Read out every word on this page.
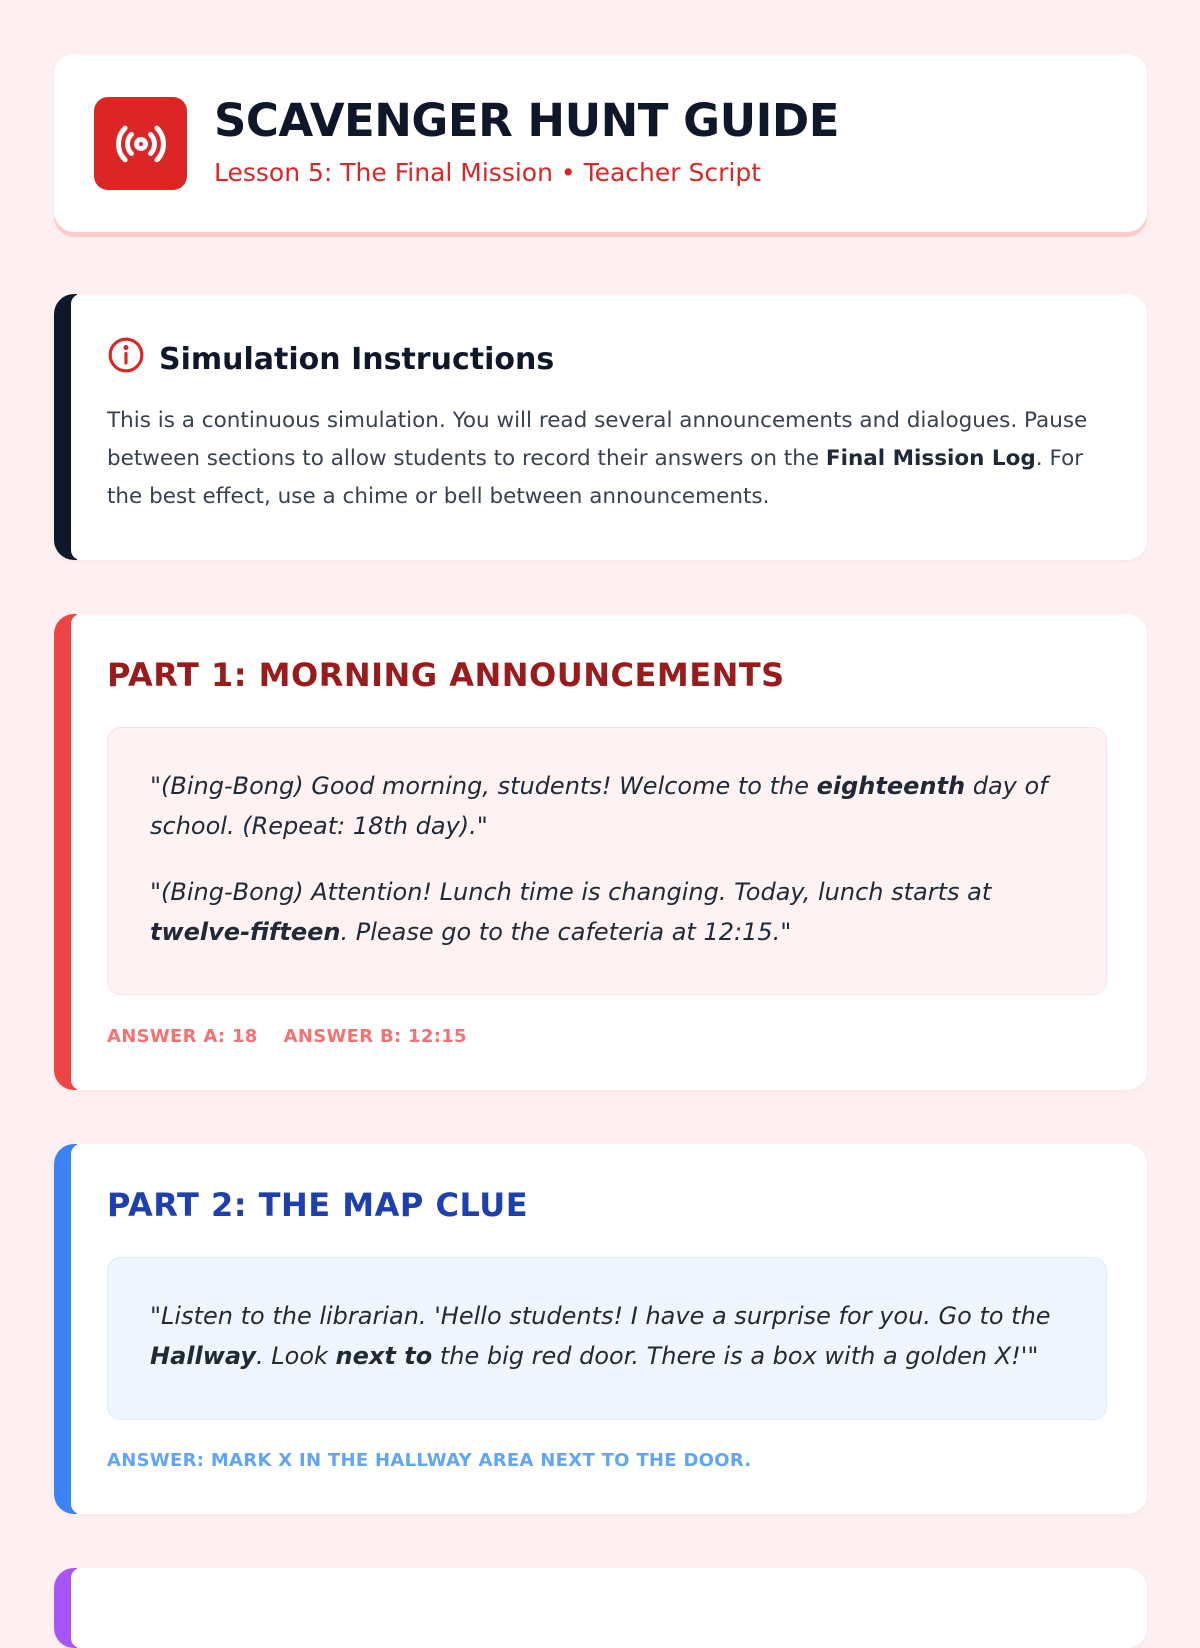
SCAVENGER HUNT GUIDE
Lesson 5: The Final Mission • Teacher Script
Simulation Instructions
This is a continuous simulation. You will read several announcements and dialogues. Pause between sections to allow students to record their answers on the Final Mission Log. For the best effect, use a chime or bell between announcements.
PART 1: MORNING ANNOUNCEMENTS

"(Bing-Bong) Good morning, students! Welcome to the eighteenth day of school. (Repeat: 18th day)."

"(Bing-Bong) Attention! Lunch time is changing. Today, lunch starts at twelve-fifteen. Please go to the cafeteria at 12:15."

ANSWER A: 18 ANSWER B: 12:15
PART 2: THE MAP CLUE

"Listen to the librarian. 'Hello students! I have a surprise for you. Go to the Hallway. Look next to the big red door. There is a box with a golden X!'"

ANSWER: MARK X IN THE HALLWAY AREA NEXT TO THE DOOR.
